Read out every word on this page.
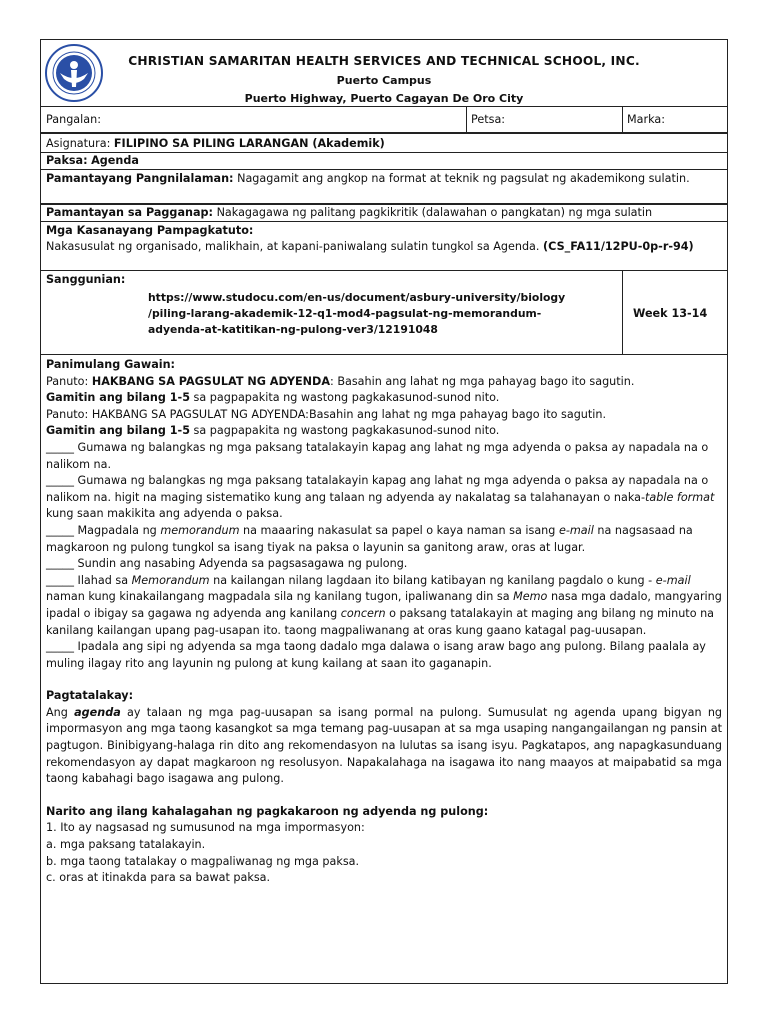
CHRISTIAN SAMARITAN HEALTH SERVICES AND TECHNICAL SCHOOL, INC.
Puerto Campus
Puerto Highway, Puerto Cagayan De Oro City
Pangalan:	Petsa:	Marka:
Asignatura: FILIPINO SA PILING LARANGAN (Akademik)
Paksa: Agenda
Pamantayang Pangnilalaman: Nagagamit ang angkop na format at teknik ng pagsulat ng akademikong sulatin.
Pamantayan sa Pagganap: Nakagagawa ng palitang pagkikritik (dalawahan o pangkatan) ng mga sulatin
Mga Kasanayang Pampagkatuto:
Nakasusulat ng organisado, malikhain, at kapani-paniwalang sulatin tungkol sa Agenda. (CS_FA11/12PU-0p-r-94)
Sanggunian:
https://www.studocu.com/en-us/document/asbury-university/biology
/piling-larang-akademik-12-q1-mod4-pagsulat-ng-memorandum-
adyenda-at-katitikan-ng-pulong-ver3/12191048
Week 13-14

Panimulang Gawain:

Panuto: HAKBANG SA PAGSULAT NG ADYENDA: Basahin ang lahat ng mga pahayag bago ito sagutin.

Gamitin ang bilang 1-5 sa pagpapakita ng wastong pagkakasunod-sunod nito.

Panuto: HAKBANG SA PAGSULAT NG ADYENDA:Basahin ang lahat ng mga pahayag bago ito sagutin.

Gamitin ang bilang 1-5 sa pagpapakita ng wastong pagkakasunod-sunod nito.

_____ Gumawa ng balangkas ng mga paksang tatalakayin kapag ang lahat ng mga adyenda o paksa ay napadala na o nalikom na.

_____ Gumawa ng balangkas ng mga paksang tatalakayin kapag ang lahat ng mga adyenda o paksa ay napadala na o nalikom na. higit na maging sistematiko kung ang talaan ng adyenda ay nakalatag sa talahanayan o naka-table format kung saan makikita ang adyenda o paksa.

_____ Magpadala ng memorandum na maaaring nakasulat sa papel o kaya naman sa isang e-mail na nagsasaad na magkaroon ng pulong tungkol sa isang tiyak na paksa o layunin sa ganitong araw, oras at lugar.

_____ Sundin ang nasabing Adyenda sa pagsasagawa ng pulong.

_____ Ilahad sa Memorandum na kailangan nilang lagdaan ito bilang katibayan ng kanilang pagdalo o kung - e-mail naman kung kinakailangang magpadala sila ng kanilang tugon, ipaliwanang din sa Memo nasa mga dadalo, mangyaring ipadal o ibigay sa gagawa ng adyenda ang kanilang concern o paksang tatalakayin at maging ang bilang ng minuto na kanilang kailangan upang pag-usapan ito. taong magpaliwanang at oras kung gaano katagal pag-uusapan.

_____ Ipadala ang sipi ng adyenda sa mga taong dadalo mga dalawa o isang araw bago ang pulong. Bilang paalala ay muling ilagay rito ang layunin ng pulong at kung kailang at saan ito gaganapin.

Pagtatalakay:

Ang agenda ay talaan ng mga pag-uusapan sa isang pormal na pulong. Sumusulat ng agenda upang bigyan ng impormasyon ang mga taong kasangkot sa mga temang pag-uusapan at sa mga usaping nangangailangan ng pansin at pagtugon. Binibigyang-halaga rin dito ang rekomendasyon na lulutas sa isang isyu. Pagkatapos, ang napagkasunduang rekomendasyon ay dapat magkaroon ng resolusyon. Napakalahaga na isagawa ito nang maayos at maipabatid sa mga taong kabahagi bago isagawa ang pulong.

Narito ang ilang kahalagahan ng pagkakaroon ng adyenda ng pulong:

1. Ito ay nagsasad ng sumusunod na mga impormasyon:

a. mga paksang tatalakayin.

b. mga taong tatalakay o magpaliwanag ng mga paksa.

c. oras at itinakda para sa bawat paksa.
